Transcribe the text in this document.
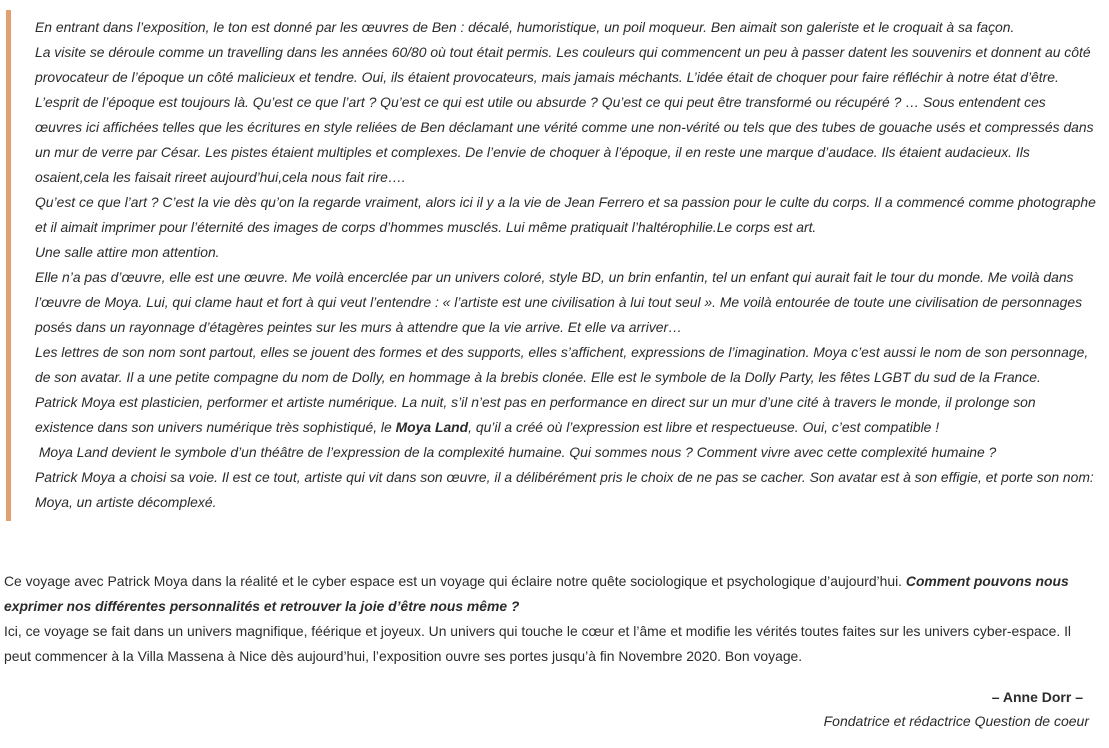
En entrant dans l’exposition, le ton est donné par les œuvres de Ben : décalé, humoristique, un poil moqueur. Ben aimait son galeriste et le croquait à sa façon.

La visite se déroule comme un travelling dans les années 60/80 où tout était permis. Les couleurs qui commencent un peu à passer datent les souvenirs et donnent au côté provocateur de l’époque un côté malicieux et tendre. Oui, ils étaient provocateurs, mais jamais méchants. L’idée était de choquer pour faire réfléchir à notre état d’être. L’esprit de l’époque est toujours là. Qu’est ce que l’art ? Qu’est ce qui est utile ou absurde ? Qu’est ce qui peut être transformé ou récupéré ? … Sous entendent ces œuvres ici affichées telles que les écritures en style reliées de Ben déclamant une vérité comme une non-vérité ou tels que des tubes de gouache usés et compressés dans un mur de verre par César. Les pistes étaient multiples et complexes. De l’envie de choquer à l’époque, il en reste une marque d’audace. Ils étaient audacieux. Ils osaient,cela les faisait rireet aujourd’hui,cela nous fait rire….

Qu’est ce que l’art ? C’est la vie dès qu’on la regarde vraiment, alors ici il y a la vie de Jean Ferrero et sa passion pour le culte du corps. Il a commencé comme photographe et il aimait imprimer pour l’éternité des images de corps d’hommes musclés. Lui même pratiquait l’haltérophilie.Le corps est art.

Une salle attire mon attention.

Elle n’a pas d’œuvre, elle est une œuvre. Me voilà encerclée par un univers coloré, style BD, un brin enfantin, tel un enfant qui aurait fait le tour du monde. Me voilà dans l’œuvre de Moya. Lui, qui clame haut et fort à qui veut l’entendre : « l’artiste est une civilisation à lui tout seul ». Me voilà entourée de toute une civilisation de personnages posés dans un rayonnage d’étagères peintes sur les murs à attendre que la vie arrive. Et elle va arriver…

Les lettres de son nom sont partout, elles se jouent des formes et des supports, elles s’affichent, expressions de l’imagination. Moya c’est aussi le nom de son personnage, de son avatar. Il a une petite compagne du nom de Dolly, en hommage à la brebis clonée. Elle est le symbole de la Dolly Party, les fêtes LGBT du sud de la France.

Patrick Moya est plasticien, performer et artiste numérique. La nuit, s’il n’est pas en performance en direct sur un mur d’une cité à travers le monde, il prolonge son existence dans son univers numérique très sophistiqué, le Moya Land, qu’il a créé où l’expression est libre et respectueuse. Oui, c’est compatible !

Moya Land devient le symbole d’un théâtre de l’expression de la complexité humaine. Qui sommes nous ? Comment vivre avec cette complexité humaine ?

Patrick Moya a choisi sa voie. Il est ce tout, artiste qui vit dans son œuvre, il a délibérément pris le choix de ne pas se cacher. Son avatar est à son effigie, et porte son nom: Moya, un artiste décomplexé.

Ce voyage avec Patrick Moya dans la réalité et le cyber espace est un voyage qui éclaire notre quête sociologique et psychologique d’aujourd’hui. Comment pouvons nous exprimer nos différentes personnalités et retrouver la joie d’être nous même ?

Ici, ce voyage se fait dans un univers magnifique, féérique et joyeux. Un univers qui touche le cœur et l’âme et modifie les vérités toutes faites sur les univers cyber-espace. Il peut commencer à la Villa Massena à Nice dès aujourd’hui, l’exposition ouvre ses portes jusqu’à fin Novembre 2020. Bon voyage.

– Anne Dorr –
Fondatrice et rédactrice Question de coeur
